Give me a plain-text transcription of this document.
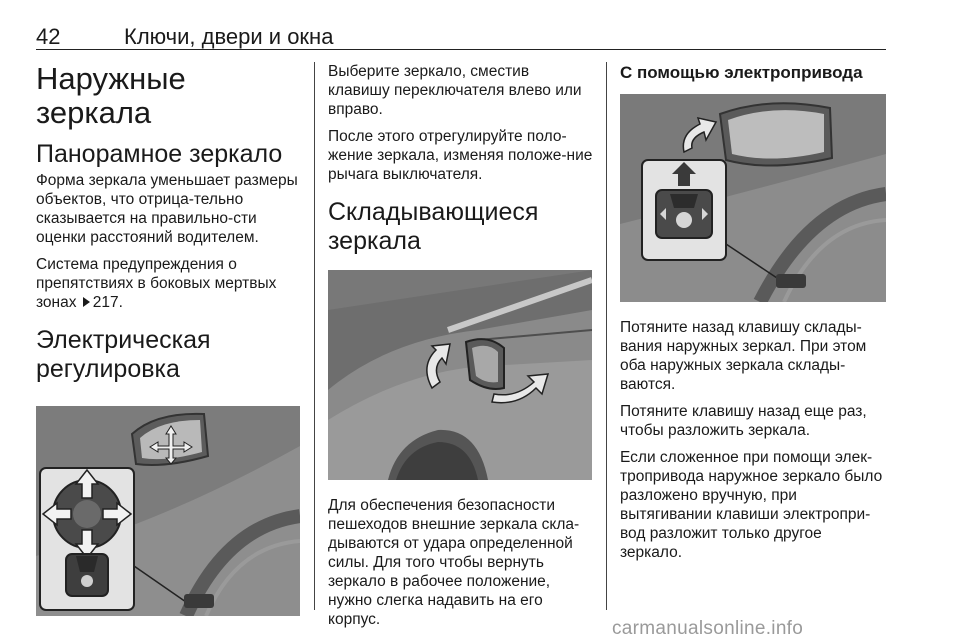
42	Ключи, двери и окна
Наружные зеркала
Панорамное зеркало

Форма зеркала уменьшает размеры объектов, что отрица-тельно сказывается на правильно-сти оценки расстояний водителем.

Система предупреждения о препятствиях в боковых мертвых зонах 217.

Электрическая регулировка

Выберите зеркало, сместив клавишу переключателя влево или вправо.

После этого отрегулируйте поло-жение зеркала, изменяя положе-ние рычага выключателя.

Складывающиеся зеркала

Для обеспечения безопасности пешеходов внешние зеркала скла-дываются от удара определенной силы. Для того чтобы вернуть зеркало в рабочее положение, нужно слегка надавить на его корпус.

С помощью электропривода

Потяните назад клавишу склады-вания наружных зеркал. При этом оба наружных зеркала склады-ваются.

Потяните клавишу назад еще раз, чтобы разложить зеркала.

Если сложенное при помощи элек-тропривода наружное зеркало было разложено вручную, при вытягивании клавиши электропри-вод разложит только другое зеркало.

carmanualsonline.info
